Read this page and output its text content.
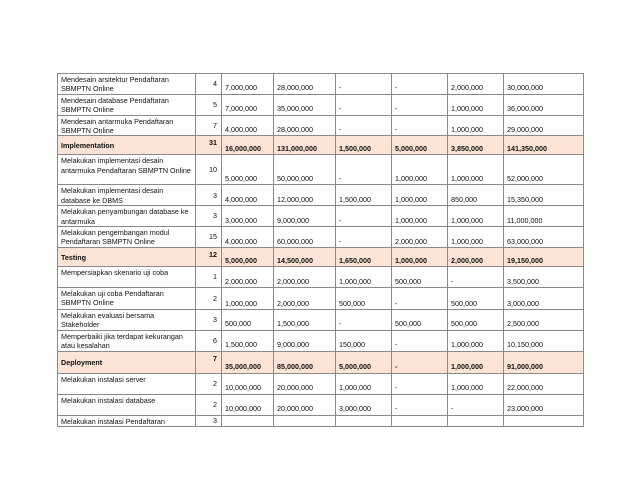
Mendesain arsitektur Pendaftaran SBMPTN Online	4	7,000,000	28,000,000	-	-	2,000,000	30,000,000
Mendesain database Pendaftaran SBMPTN Online	5	7,000,000	35,000,000	-	-	1,000,000	36,000,000
Mendesain antarmuka Pendaftaran SBMPTN Online	7	4,000,000	28,000,000	-	-	1,000,000	29,000,000
Implementation	31	16,000,000	131,000,000	1,500,000	5,000,000	3,850,000	141,350,000
Melakukan implementasi desain antarmuka Pendaftaran SBMPTN Online	10	5,000,000	50,000,000	-	1,000,000	1,000,000	52,000,000
Melakukan implementasi desain database ke DBMS	3	4,000,000	12,000,000	1,500,000	1,000,000	850,000	15,350,000
Melakukan penyambungan database ke antarmuka	3	3,000,000	9,000,000	-	1,000,000	1,000,000	11,000,000
Melakukan pengembangan modul Pendaftaran SBMPTN Online	15	4,000,000	60,000,000	-	2,000,000	1,000,000	63,000,000
Testing	12	5,000,000	14,500,000	1,650,000	1,000,000	2,000,000	19,150,000
Mempersiapkan skenario uji coba	1	2,000,000	2,000,000	1,000,000	500,000	-	3,500,000
Melakukan uji coba Pendaftaran SBMPTN Online	2	1,000,000	2,000,000	500,000	-	500,000	3,000,000
Melakukan evaluasi bersama Stakeholder	3	500,000	1,500,000	-	500,000	500,000	2,500,000
Memperbaiki jika terdapat kekurangan atau kesalahan	6	1,500,000	9,000,000	150,000	-	1,000,000	10,150,000
Deployment	7	35,000,000	85,000,000	5,000,000	-	1,000,000	91,000,000
Melakukan instalasi server	2	10,000,000	20,000,000	1,000,000	-	1,000,000	22,000,000
Melakukan instalasi database	2	10,000,000	20,000,000	3,000,000	-	-	23,000,000
Melakukan instalasi Pendaftaran	3						
